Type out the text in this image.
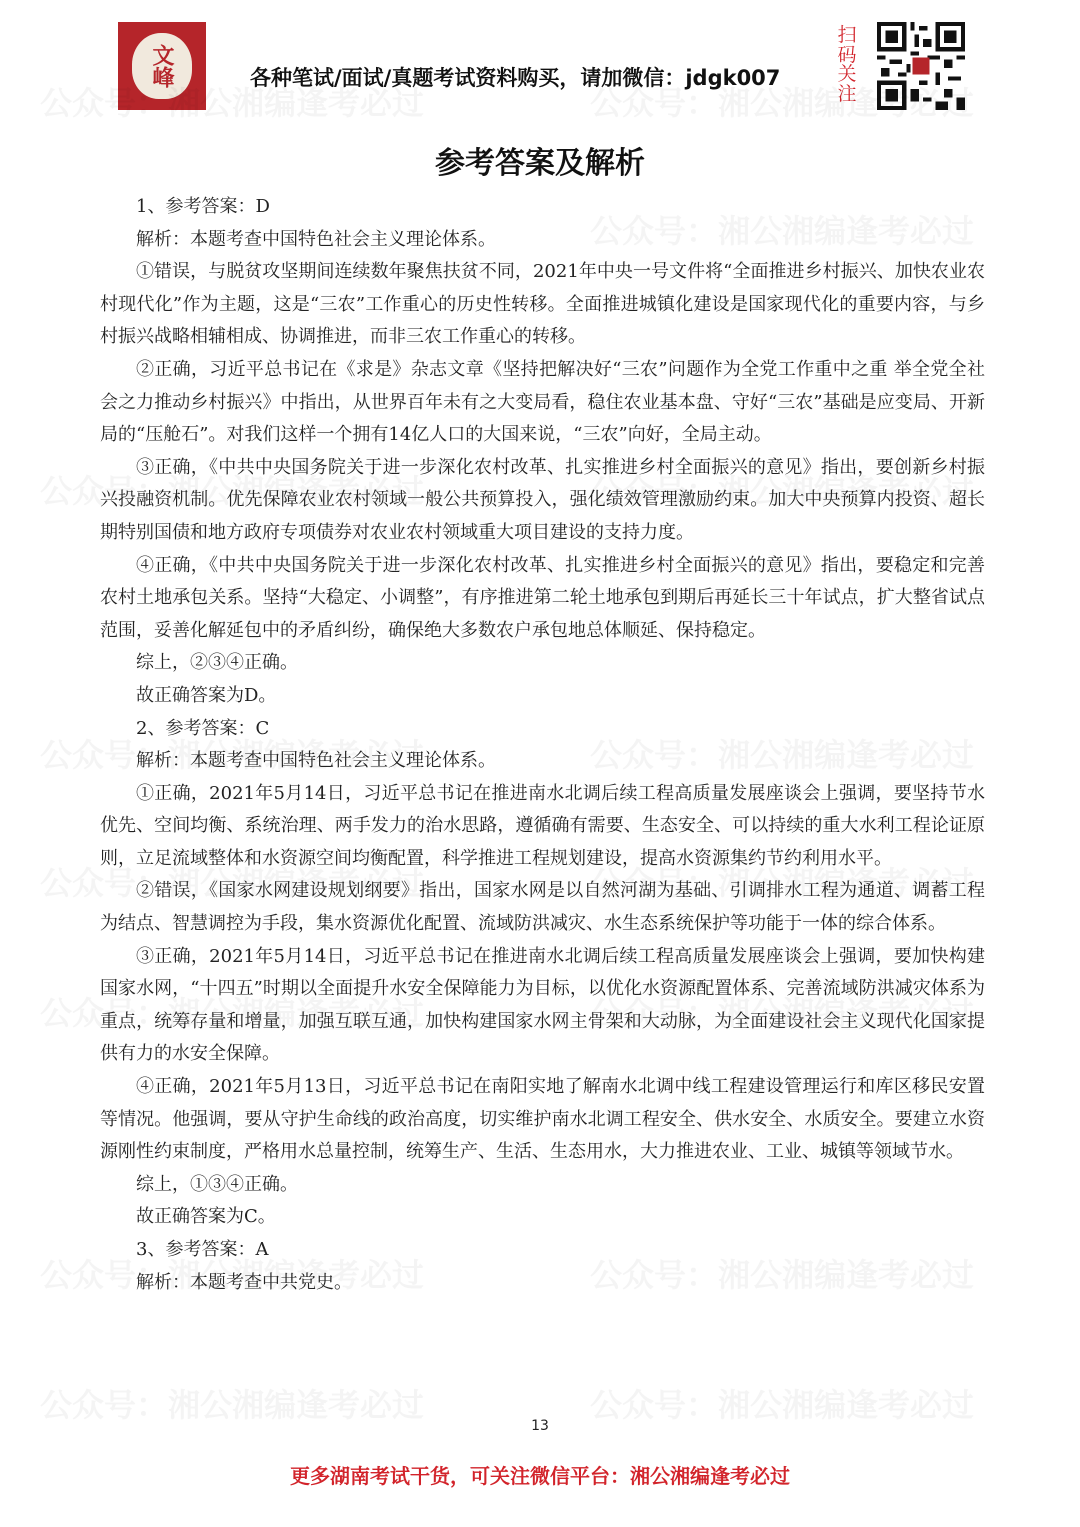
文峰	各种笔试/面试/真题考试资料购买，请加微信：jdgk007
扫码关注
参考答案及解析

1、参考答案：D

解析：本题考查中国特色社会主义理论体系。

①错误，与脱贫攻坚期间连续数年聚焦扶贫不同，2021年中央一号文件将“全面推进乡村振兴、加快农业农村现代化”作为主题，这是“三农”工作重心的历史性转移。全面推进城镇化建设是国家现代化的重要内容，与乡村振兴战略相辅相成、协调推进，而非三农工作重心的转移。

②正确，习近平总书记在《求是》杂志文章《坚持把解决好“三农”问题作为全党工作重中之重 举全党全社会之力推动乡村振兴》中指出，从世界百年未有之大变局看，稳住农业基本盘、守好“三农”基础是应变局、开新局的“压舱石”。对我们这样一个拥有14亿人口的大国来说，“三农”向好，全局主动。

③正确，《中共中央国务院关于进一步深化农村改革、扎实推进乡村全面振兴的意见》指出，要创新乡村振兴投融资机制。优先保障农业农村领域一般公共预算投入，强化绩效管理激励约束。加大中央预算内投资、超长期特别国债和地方政府专项债券对农业农村领域重大项目建设的支持力度。

④正确，《中共中央国务院关于进一步深化农村改革、扎实推进乡村全面振兴的意见》指出，要稳定和完善农村土地承包关系。坚持“大稳定、小调整”，有序推进第二轮土地承包到期后再延长三十年试点，扩大整省试点范围，妥善化解延包中的矛盾纠纷，确保绝大多数农户承包地总体顺延、保持稳定。

综上，②③④正确。

故正确答案为D。

2、参考答案：C

解析：本题考查中国特色社会主义理论体系。

①正确，2021年5月14日，习近平总书记在推进南水北调后续工程高质量发展座谈会上强调，要坚持节水优先、空间均衡、系统治理、两手发力的治水思路，遵循确有需要、生态安全、可以持续的重大水利工程论证原则，立足流域整体和水资源空间均衡配置，科学推进工程规划建设，提高水资源集约节约利用水平。

②错误，《国家水网建设规划纲要》指出，国家水网是以自然河湖为基础、引调排水工程为通道、调蓄工程为结点、智慧调控为手段，集水资源优化配置、流域防洪减灾、水生态系统保护等功能于一体的综合体系。

③正确，2021年5月14日，习近平总书记在推进南水北调后续工程高质量发展座谈会上强调，要加快构建国家水网，“十四五”时期以全面提升水安全保障能力为目标，以优化水资源配置体系、完善流域防洪减灾体系为重点，统筹存量和增量，加强互联互通，加快构建国家水网主骨架和大动脉，为全面建设社会主义现代化国家提供有力的水安全保障。

④正确，2021年5月13日，习近平总书记在南阳实地了解南水北调中线工程建设管理运行和库区移民安置等情况。他强调，要从守护生命线的政治高度，切实维护南水北调工程安全、供水安全、水质安全。要建立水资源刚性约束制度，严格用水总量控制，统筹生产、生活、生态用水，大力推进农业、工业、城镇等领域节水。

综上，①③④正确。

故正确答案为C。

3、参考答案：A

解析：本题考查中共党史。

13
更多湖南考试干货，可关注微信平台：湘公湘编逢考必过
